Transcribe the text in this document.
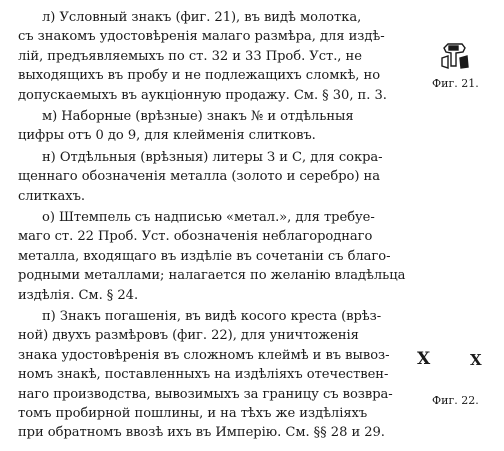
л) Условный знакъ (фиг. 21), въ видѣ молотка,
съ знакомъ удостовѣренія малаго размѣра, для издѣ-
лій, предъявляемыхъ по ст. 32 и 33 Проб. Уст., не
выходящихъ въ пробу и не подлежащихъ сломкѣ, но
допускаемыхъ въ аукціонную продажу. См. § 30, п. 3.
м) Наборные (врѣзные) знакъ № и отдѣльныя
цифры отъ 0 до 9, для клейменія слитковъ.
н) Отдѣльныя (врѣзныя) литеры З и С, для сокра-
щеннаго обозначенія металла (золото и серебро) на
слиткахъ.
о) Штемпель съ надписью «метал.», для требуе-
маго ст. 22 Проб. Уст. обозначенія неблагороднаго
металла, входящаго въ издѣліе въ сочетаніи съ благо-
родными металлами; налагается по желанію владѣльца
издѣлія. См. § 24.
п) Знакъ погашенія, въ видѣ косого креста (врѣз-
ной) двухъ размѣровъ (фиг. 22), для уничтоженія
знака удостовѣренія въ сложномъ клеймѣ и въ вывоз-
номъ знакѣ, поставленныхъ на издѣліяхъ отечествен-
наго производства, вывозимыхъ за границу съ возвра-
томъ пробирной пошлины, и на тѣхъ же издѣліяхъ
при обратномъ ввозѣ ихъ въ Имперію. См. §§ 28 и 29.
Фиг. 21.
X	X
Фиг. 22.
